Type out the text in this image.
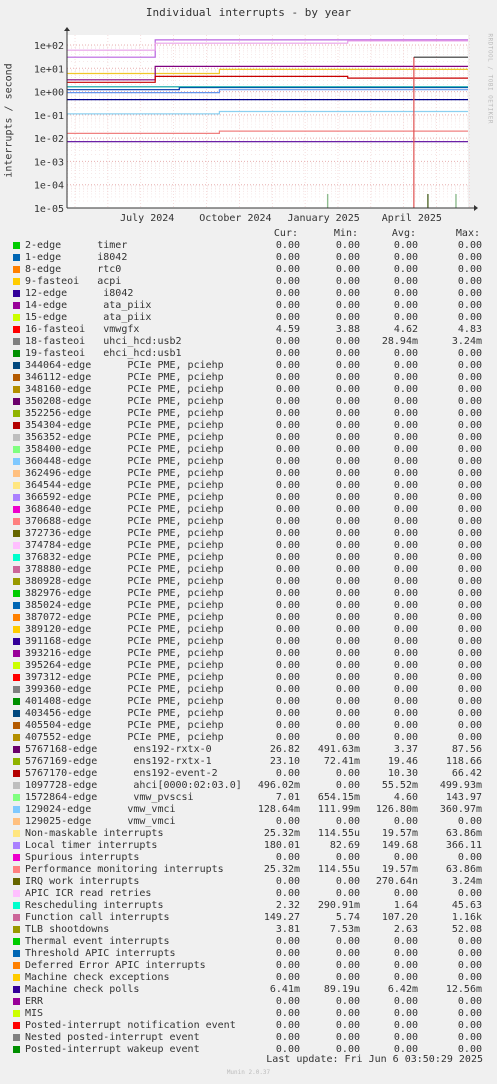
Individual interrupts - by year
interrupts / second	RRDTOOL / TOBI OETIKER
1e+02
1e+01
1e+00
1e-01
1e-02
1e-03
1e-04
1e-05
July 2024	October 2024 January 2025 April 2025
Cur:	Min:	Avg:	Max:
2-edge      timer	0.00	0.00	0.00	0.00
1-edge      i8042	0.00	0.00	0.00	0.00
8-edge      rtc0	0.00	0.00	0.00	0.00
9-fasteoi   acpi	0.00	0.00	0.00	0.00
12-edge      i8042	0.00	0.00	0.00	0.00
14-edge      ata_piix	0.00	0.00	0.00	0.00
15-edge      ata_piix	0.00	0.00	0.00	0.00
16-fasteoi   vmwgfx	4.59	3.88	4.62	4.83
18-fasteoi   uhci_hcd:usb2	0.00	0.00	28.94m	3.24m
19-fasteoi   ehci_hcd:usb1	0.00	0.00	0.00	0.00
344064-edge      PCIe PME, pciehp	0.00	0.00	0.00	0.00
346112-edge      PCIe PME, pciehp	0.00	0.00	0.00	0.00
348160-edge      PCIe PME, pciehp	0.00	0.00	0.00	0.00
350208-edge      PCIe PME, pciehp	0.00	0.00	0.00	0.00
352256-edge      PCIe PME, pciehp	0.00	0.00	0.00	0.00
354304-edge      PCIe PME, pciehp	0.00	0.00	0.00	0.00
356352-edge      PCIe PME, pciehp	0.00	0.00	0.00	0.00
358400-edge      PCIe PME, pciehp	0.00	0.00	0.00	0.00
360448-edge      PCIe PME, pciehp	0.00	0.00	0.00	0.00
362496-edge      PCIe PME, pciehp	0.00	0.00	0.00	0.00
364544-edge      PCIe PME, pciehp	0.00	0.00	0.00	0.00
366592-edge      PCIe PME, pciehp	0.00	0.00	0.00	0.00
368640-edge      PCIe PME, pciehp	0.00	0.00	0.00	0.00
370688-edge      PCIe PME, pciehp	0.00	0.00	0.00	0.00
372736-edge      PCIe PME, pciehp	0.00	0.00	0.00	0.00
374784-edge      PCIe PME, pciehp	0.00	0.00	0.00	0.00
376832-edge      PCIe PME, pciehp	0.00	0.00	0.00	0.00
378880-edge      PCIe PME, pciehp	0.00	0.00	0.00	0.00
380928-edge      PCIe PME, pciehp	0.00	0.00	0.00	0.00
382976-edge      PCIe PME, pciehp	0.00	0.00	0.00	0.00
385024-edge      PCIe PME, pciehp	0.00	0.00	0.00	0.00
387072-edge      PCIe PME, pciehp	0.00	0.00	0.00	0.00
389120-edge      PCIe PME, pciehp	0.00	0.00	0.00	0.00
391168-edge      PCIe PME, pciehp	0.00	0.00	0.00	0.00
393216-edge      PCIe PME, pciehp	0.00	0.00	0.00	0.00
395264-edge      PCIe PME, pciehp	0.00	0.00	0.00	0.00
397312-edge      PCIe PME, pciehp	0.00	0.00	0.00	0.00
399360-edge      PCIe PME, pciehp	0.00	0.00	0.00	0.00
401408-edge      PCIe PME, pciehp	0.00	0.00	0.00	0.00
403456-edge      PCIe PME, pciehp	0.00	0.00	0.00	0.00
405504-edge      PCIe PME, pciehp	0.00	0.00	0.00	0.00
407552-edge      PCIe PME, pciehp	0.00	0.00	0.00	0.00
5767168-edge      ens192-rxtx-0	26.82	491.63m	3.37	87.56
5767169-edge      ens192-rxtx-1	23.10	72.41m	19.46	118.66
5767170-edge      ens192-event-2	0.00	0.00	10.30	66.42
1097728-edge      ahci[0000:02:03.0]	496.02m	0.00	55.52m	499.93m
1572864-edge      vmw_pvscsi	7.01	654.15m	4.60	143.97
129024-edge      vmw_vmci	128.64m	111.99m	126.80m	360.97m
129025-edge      vmw_vmci	0.00	0.00	0.00	0.00
Non-maskable interrupts	25.32m	114.55u	19.57m	63.86m
Local timer interrupts	180.01	82.69	149.68	366.11
Spurious interrupts	0.00	0.00	0.00	0.00
Performance monitoring interrupts	25.32m	114.55u	19.57m	63.86m
IRQ work interrupts	0.00	0.00	270.64n	3.24m
APIC ICR read retries	0.00	0.00	0.00	0.00
Rescheduling interrupts	2.32	290.91m	1.64	45.63
Function call interrupts	149.27	5.74	107.20	1.16k
TLB shootdowns	3.81	7.53m	2.63	52.08
Thermal event interrupts	0.00	0.00	0.00	0.00
Threshold APIC interrupts	0.00	0.00	0.00	0.00
Deferred Error APIC interrupts	0.00	0.00	0.00	0.00
Machine check exceptions	0.00	0.00	0.00	0.00
Machine check polls	6.41m	89.19u	6.42m	12.56m
ERR	0.00	0.00	0.00	0.00
MIS	0.00	0.00	0.00	0.00
Posted-interrupt notification event	0.00	0.00	0.00	0.00
Nested posted-interrupt event	0.00	0.00	0.00	0.00
Posted-interrupt wakeup event	0.00	0.00	0.00	0.00
Last update: Fri Jun 6 03:50:29 2025
Munin 2.0.37
